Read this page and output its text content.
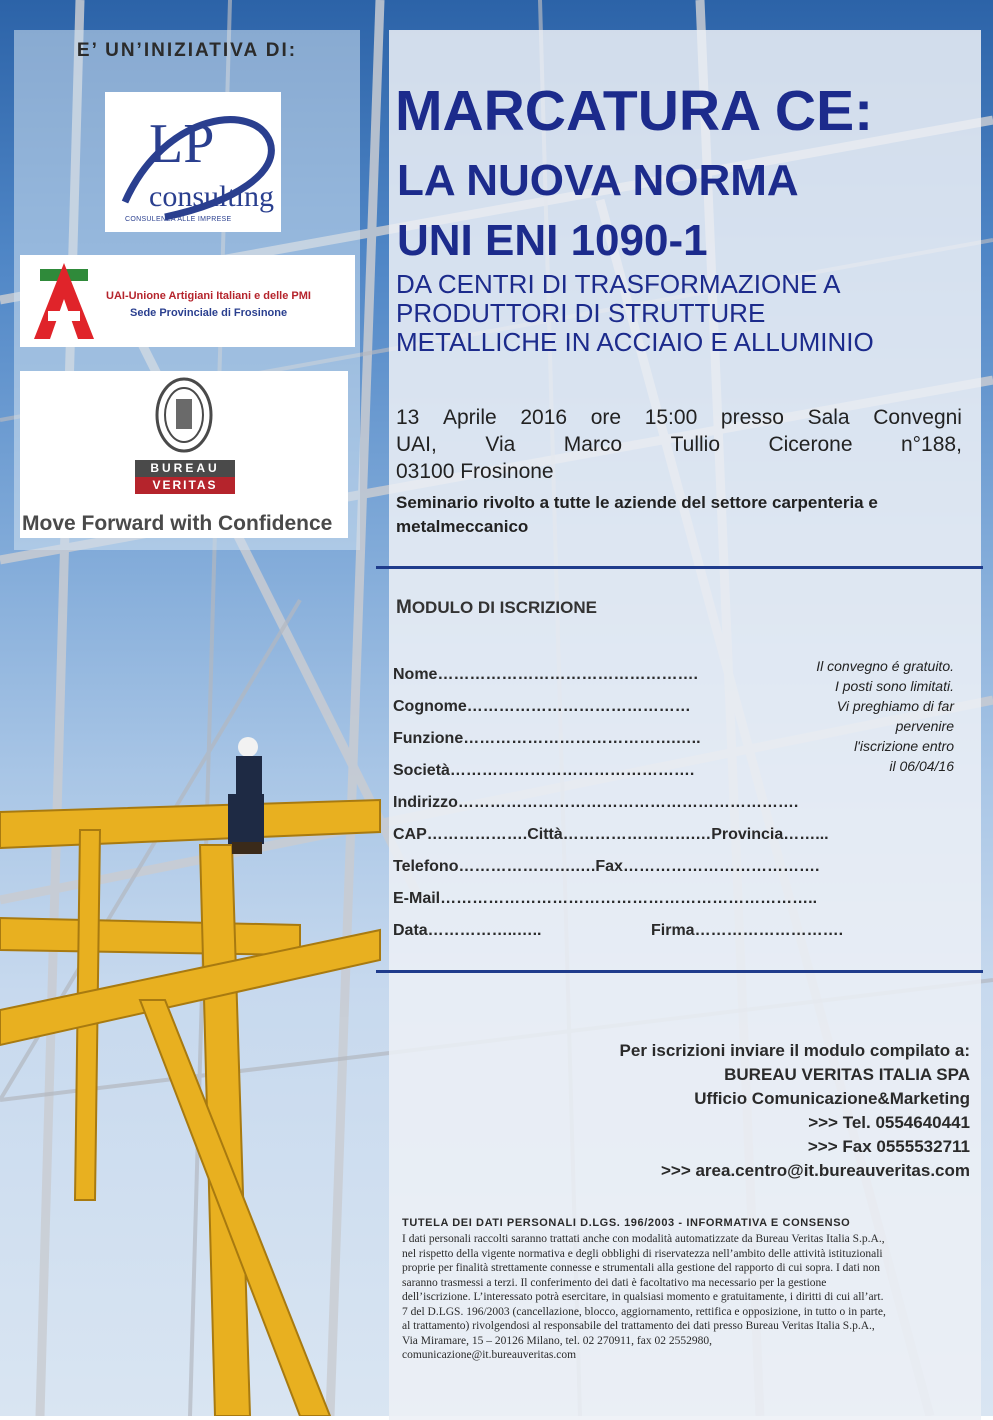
E’ UN’INIZIATIVA DI:
LP
consulting
CONSULENZA ALLE IMPRESE
UAI-Unione Artigiani Italiani e delle PMI
Sede Provinciale di Frosinone
BUREAU
VERITAS
Move Forward with Confidence
MARCATURA CE:
LA NUOVA NORMA
UNI ENI 1090-1
DA CENTRI DI TRASFORMAZIONE A
PRODUTTORI DI STRUTTURE
METALLICHE IN ACCIAIO E ALLUMINIO
13 Aprile 2016 ore 15:00 presso Sala Convegni
UAI, Via Marco Tullio Cicerone n°188,
03100 Frosinone
Seminario rivolto a tutte le aziende del settore carpenteria e metalmeccanico
MODULO DI ISCRIZIONE
Nome………………………………………….
Cognome……………………………………
Funzione………………………………….…..
Società……………………………………….
Indirizzo……………………………………………………….
CAP……………….Città…………………….…Provincia……...
Telefono………………….….Fax……………………………….
E-Mail……………………………………………………………..
Data……………..…..	Firma……………………….
Il convegno é gratuito.
I posti sono limitati.
Vi preghiamo di far
pervenire
l'iscrizione entro
il 06/04/16
Per iscrizioni inviare il modulo compilato a:
BUREAU VERITAS ITALIA SPA
Ufficio Comunicazione&Marketing
>>> Tel. 0554640441
>>> Fax 0555532711
>>> area.centro@it.bureauveritas.com
TUTELA DEI DATI PERSONALI D.LGS. 196/2003 - INFORMATIVA E CONSENSO
I dati personali raccolti saranno trattati anche con modalità automatizzate da Bureau Veritas Italia S.p.A.,
nel rispetto della vigente normativa e degli obblighi di riservatezza nell’ambito delle attività istituzionali
proprie per finalità strettamente connesse e strumentali alla gestione del rapporto di cui sopra. I dati non
saranno trasmessi a terzi. Il conferimento dei dati è facoltativo ma necessario per la gestione
dell’iscrizione. L’interessato potrà esercitare, in qualsiasi momento e gratuitamente, i diritti di cui all’art.
7 del D.LGS. 196/2003 (cancellazione, blocco, aggiornamento, rettifica e opposizione, in tutto o in parte,
al trattamento) rivolgendosi al responsabile del trattamento dei dati presso Bureau Veritas Italia S.p.A.,
Via Miramare, 15 – 20126 Milano, tel. 02 270911, fax 02 2552980,
comunicazione@it.bureauveritas.com
